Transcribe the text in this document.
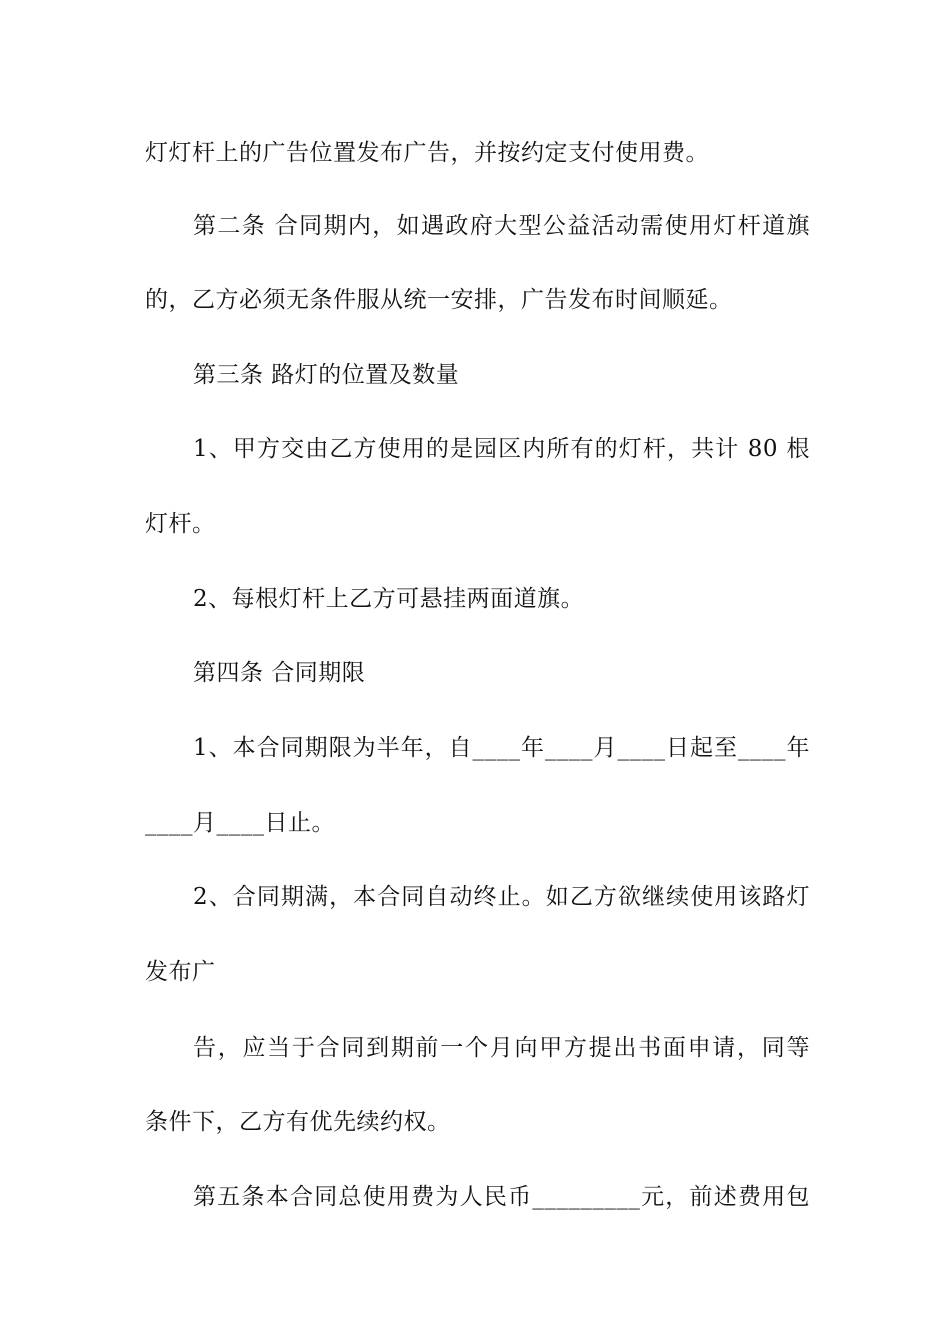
灯灯杆上的广告位置发布广告，并按约定支付使用费。
第二条 合同期内，如遇政府大型公益活动需使用灯杆道旗
的，乙方必须无条件服从统一安排，广告发布时间顺延。
第三条 路灯的位置及数量
1、甲方交由乙方使用的是园区内所有的灯杆，共计 80 根
灯杆。
2、每根灯杆上乙方可悬挂两面道旗。
第四条 合同期限
1、本合同期限为半年，自____年____月____日起至____年
____月____日止。
2、合同期满，本合同自动终止。如乙方欲继续使用该路灯
发布广
告，应当于合同到期前一个月向甲方提出书面申请，同等
条件下，乙方有优先续约权。
第五条本合同总使用费为人民币_________元，前述费用包
